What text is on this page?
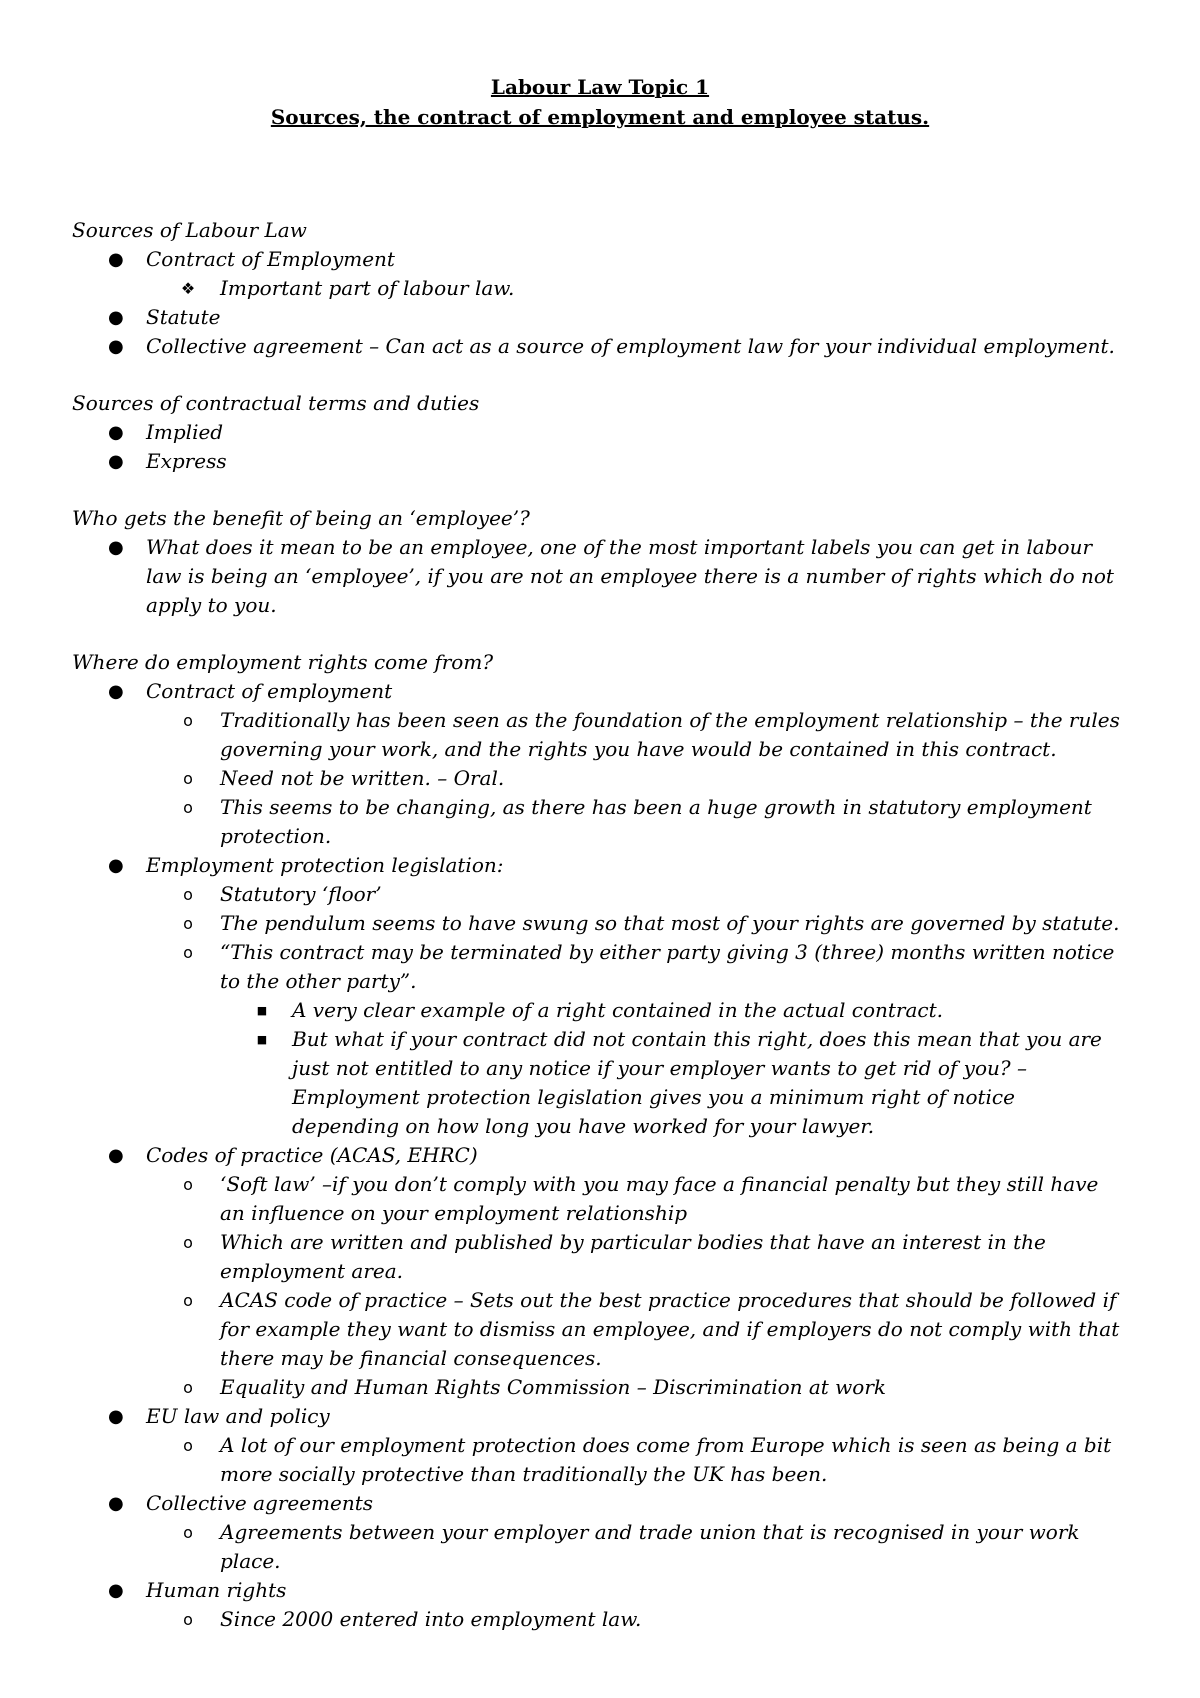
Labour Law Topic 1
Sources, the contract of employment and employee status.
Sources of Labour Law
● Contract of Employment
❖ Important part of labour law.
● Statute
● Collective agreement – Can act as a source of employment law for your individual employment.
Sources of contractual terms and duties
● Implied
● Express
Who gets the benefit of being an ‘employee’?
● What does it mean to be an employee, one of the most important labels you can get in labour law is being an ‘employee’, if you are not an employee there is a number of rights which do not apply to you.
Where do employment rights come from?
● Contract of employment
o Traditionally has been seen as the foundation of the employment relationship – the rules governing your work, and the rights you have would be contained in this contract.
o Need not be written. – Oral.
o This seems to be changing, as there has been a huge growth in statutory employment protection.
● Employment protection legislation:
o Statutory ‘floor’
o The pendulum seems to have swung so that most of your rights are governed by statute.
o “This contract may be terminated by either party giving 3 (three) months written notice to the other party”.
■ A very clear example of a right contained in the actual contract.
■ But what if your contract did not contain this right, does this mean that you are just not entitled to any notice if your employer wants to get rid of you? – Employment protection legislation gives you a minimum right of notice depending on how long you have worked for your lawyer.
● Codes of practice (ACAS, EHRC)
o ‘Soft law’ –if you don’t comply with you may face a financial penalty but they still have an influence on your employment relationship
o Which are written and published by particular bodies that have an interest in the employment area.
o ACAS code of practice – Sets out the best practice procedures that should be followed if for example they want to dismiss an employee, and if employers do not comply with that there may be financial consequences.
o Equality and Human Rights Commission – Discrimination at work
● EU law and policy
o A lot of our employment protection does come from Europe which is seen as being a bit more socially protective than traditionally the UK has been.
● Collective agreements
o Agreements between your employer and trade union that is recognised in your work place.
● Human rights
o Since 2000 entered into employment law.
